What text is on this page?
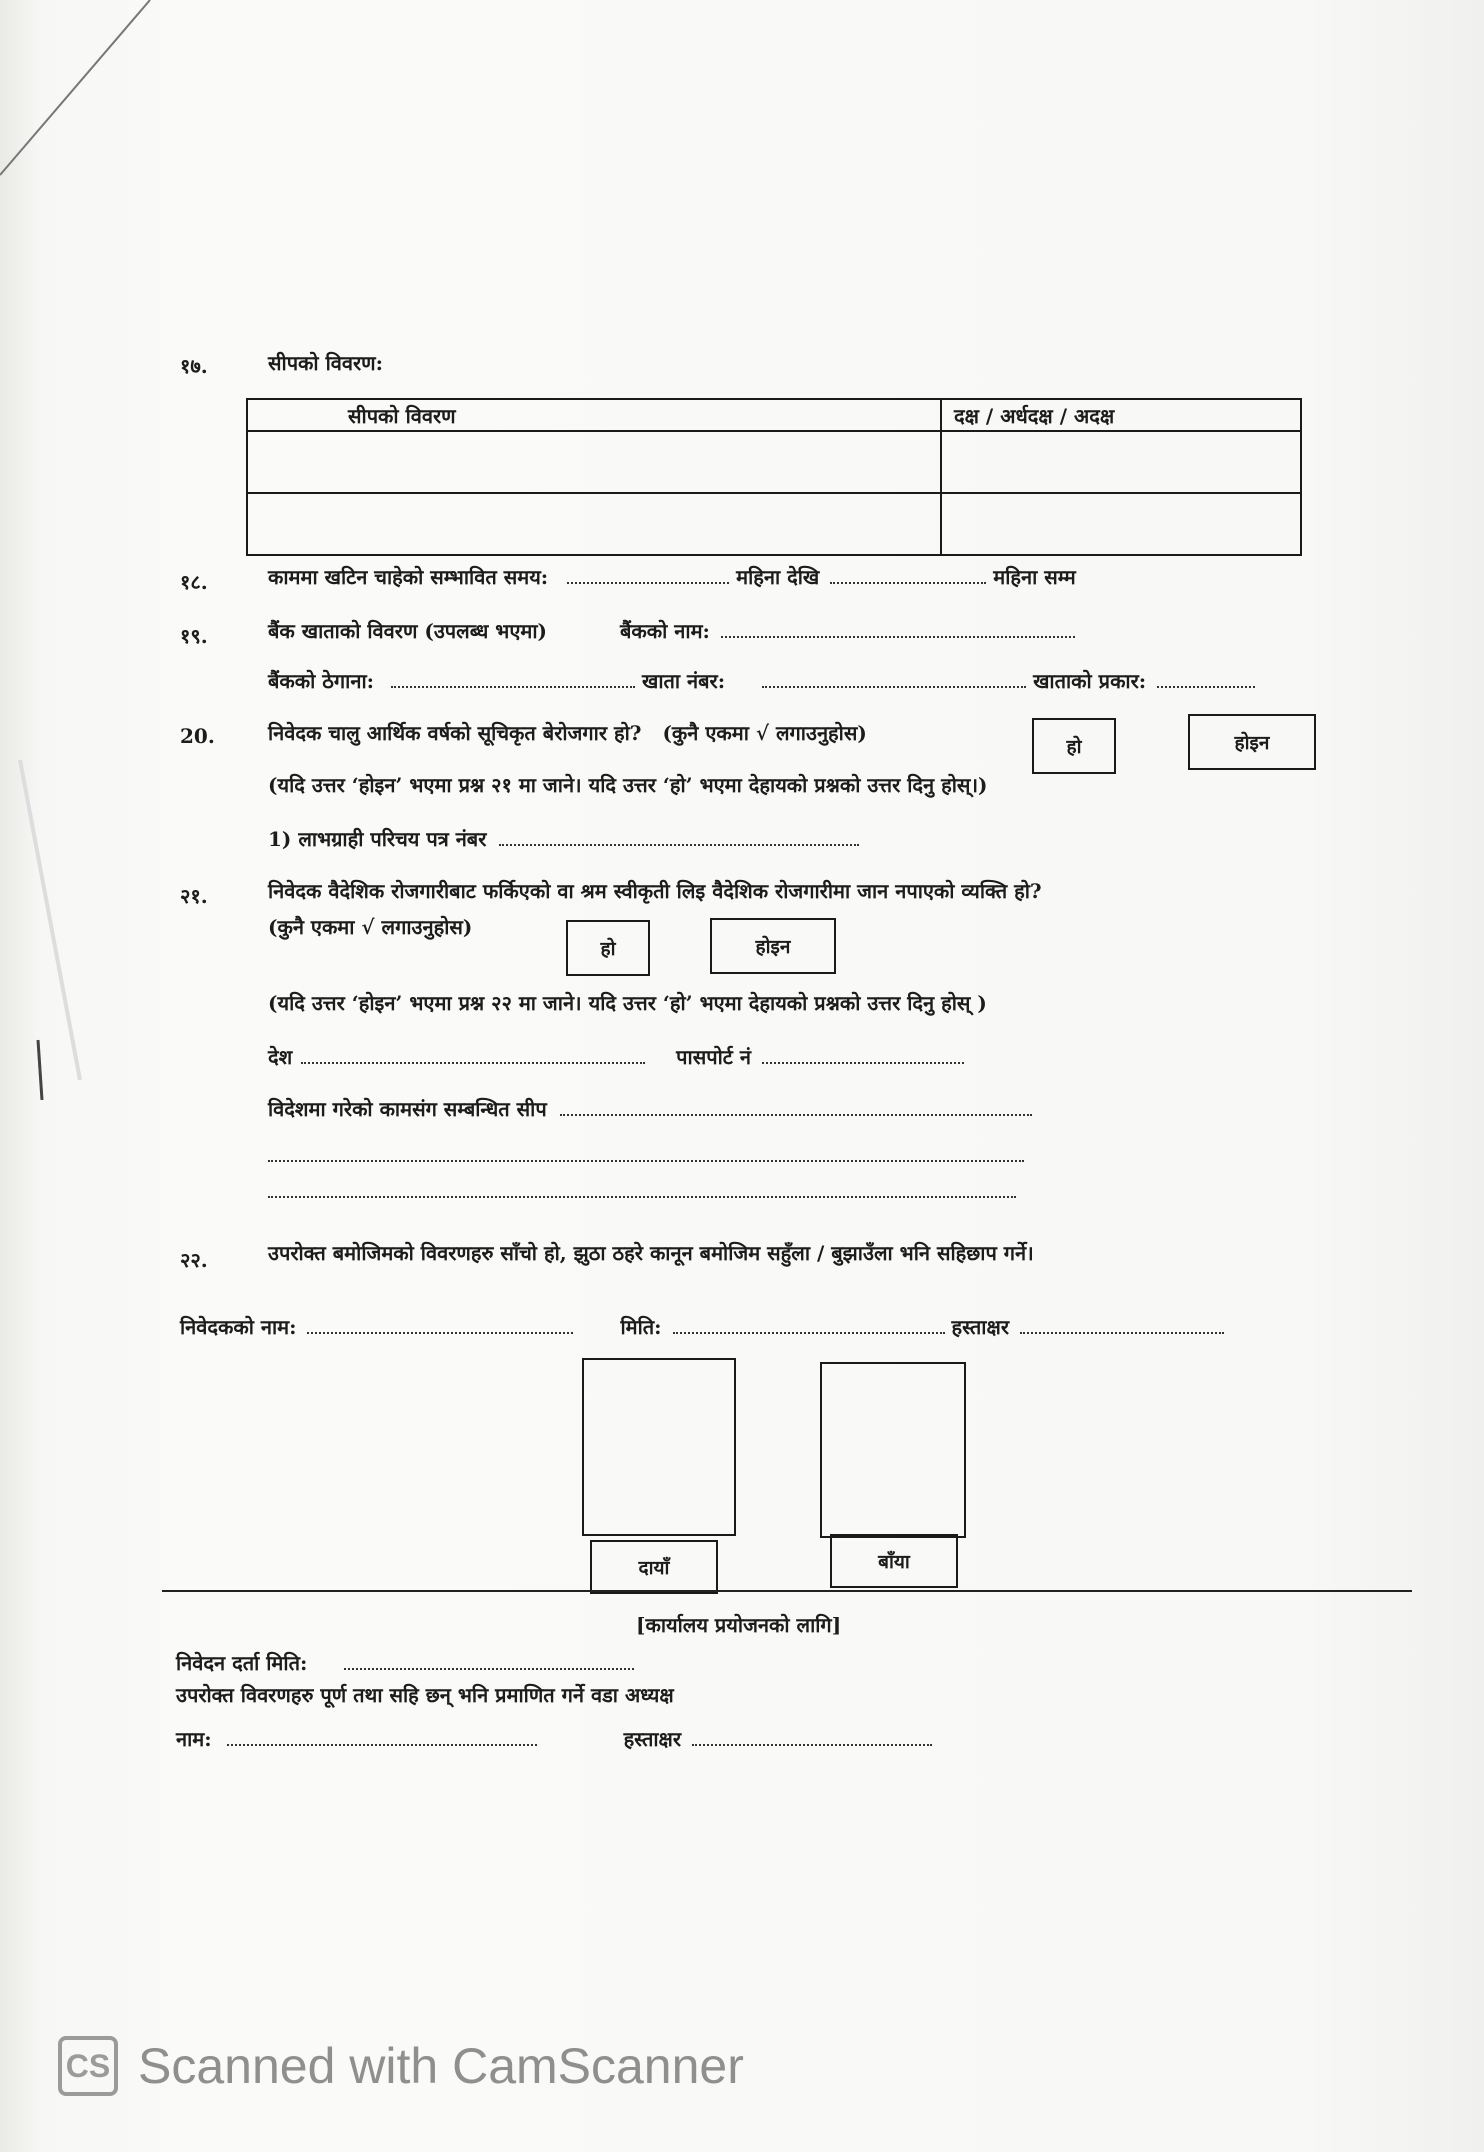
१७.	सीपको विवरण:
सीपको विवरण	दक्ष / अर्धदक्ष / अदक्ष

१८.	काममा खटिन चाहेको सम्भावित समय:	महिना देखि	महिना सम्म
१९.	बैंक खाताको विवरण (उपलब्ध भएमा)	बैंकको नाम:
बैंकको ठेगाना:	खाता नंबर:	खाताको प्रकार:
20.	निवेदक चालु आर्थिक वर्षको सूचिकृत बेरोजगार हो? (कुनै एकमा √ लगाउनुहोस)
हो	होइन
(यदि उत्तर ‘होइन’ भएमा प्रश्न २१ मा जाने। यदि उत्तर ‘हो’ भएमा देहायको प्रश्नको उत्तर दिनु होस्।)
1) लाभग्राही परिचय पत्र नंबर
२१.	निवेदक वैदेशिक रोजगारीबाट फर्किएको वा श्रम स्वीकृती लिइ वैदेशिक रोजगारीमा जान नपाएको व्यक्ति हो?
(कुनै एकमा √ लगाउनुहोस)
हो	होइन
(यदि उत्तर ‘होइन’ भएमा प्रश्न २२ मा जाने। यदि उत्तर ‘हो’ भएमा देहायको प्रश्नको उत्तर दिनु होस् )
देश	पासपोर्ट नं
विदेशमा गरेको कामसंग सम्बन्धित सीप
२२.	उपरोक्त बमोजिमको विवरणहरु साँचो हो, झुठा ठहरे कानून बमोजिम सहुँला / बुझाउँला भनि सहिछाप गर्ने।
निवेदकको नाम:	मिति:	हस्ताक्षर
दायाँ	बाँया
[कार्यालय प्रयोजनको लागि]
निवेदन दर्ता मिति:
उपरोक्त विवरणहरु पूर्ण तथा सहि छन् भनि प्रमाणित गर्ने वडा अध्यक्ष
नाम:	हस्ताक्षर
CS Scanned with CamScanner
